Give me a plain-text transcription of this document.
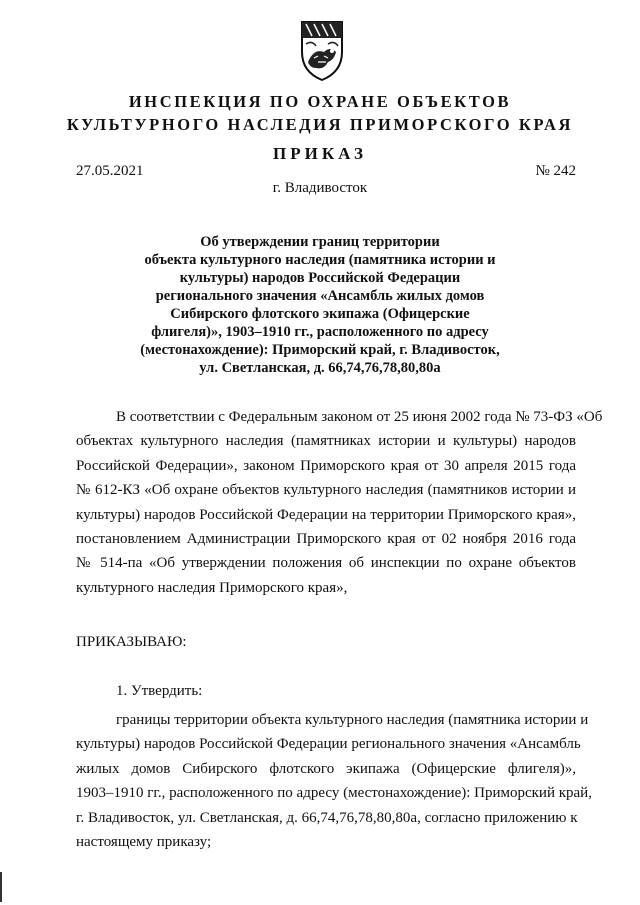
ИНСПЕКЦИЯ ПО ОХРАНЕ ОБЪЕКТОВ
КУЛЬТУРНОГО НАСЛЕДИЯ ПРИМОРСКОГО КРАЯ
ПРИКАЗ
27.05.2021	№ 242
г. Владивосток
Об утверждении границ территории
объекта культурного наследия (памятника истории и
культуры) народов Российской Федерации
регионального значения «Ансамбль жилых домов
Сибирского флотского экипажа (Офицерские
флигеля)», 1903–1910 гг., расположенного по адресу
(местонахождение): Приморский край, г. Владивосток,
ул. Светланская, д. 66,74,76,78,80,80а
В соответствии с Федеральным законом от 25 июня 2002 года № 73-ФЗ «Об
объектах культурного наследия (памятниках истории и культуры) народов
Российской Федерации», законом Приморского края от 30 апреля 2015 года
№ 612-КЗ «Об охране объектов культурного наследия (памятников истории и
культуры) народов Российской Федерации на территории Приморского края»,
постановлением Администрации Приморского края от 02 ноября 2016 года
№ 514-па «Об утверждении положения об инспекции по охране объектов
культурного наследия Приморского края»,
ПРИКАЗЫВАЮ:
1. Утвердить:
границы территории объекта культурного наследия (памятника истории и
культуры) народов Российской Федерации регионального значения «Ансамбль
жилых домов Сибирского флотского экипажа (Офицерские флигеля)»,
1903–1910 гг., расположенного по адресу (местонахождение): Приморский край,
г. Владивосток, ул. Светланская, д. 66,74,76,78,80,80а, согласно приложению к
настоящему приказу;
